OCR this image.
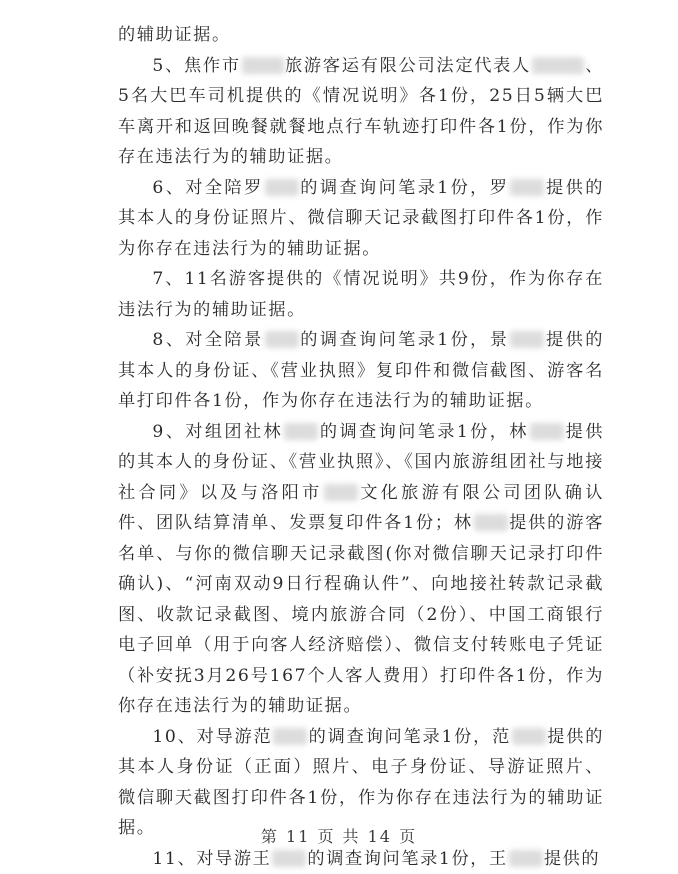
的辅助证据。

5、焦作市	旅游客运有限公司法定代表人	、5名大巴车司机提供的《情况说明》各1份，25日5辆大巴车离开和返回晚餐就餐地点行车轨迹打印件各1份，作为你存在违法行为的辅助证据。

6、对全陪罗 的调查询问笔录1份，罗 提供的其本人的身份证照片、微信聊天记录截图打印件各1份，作为你存在违法行为的辅助证据。

7、11名游客提供的《情况说明》共9份，作为你存在违法行为的辅助证据。

8、对全陪景 的调查询问笔录1份，景 提供的其本人的身份证、《营业执照》复印件和微信截图、游客名单打印件各1份，作为你存在违法行为的辅助证据。

9、对组团社林 的调查询问笔录1份，林 提供的其本人的身份证、《营业执照》、《国内旅游组团社与地接社合同》以及与洛阳市 文化旅游有限公司团队确认件、团队结算清单、发票复印件各1份；林 提供的游客名单、与你的微信聊天记录截图(你对微信聊天记录打印件确认)、“河南双动9日行程确认件”、向地接社转款记录截图、收款记录截图、境内旅游合同（2份）、中国工商银行电子回单（用于向客人经济赔偿）、微信支付转账电子凭证（补安抚3月26号167个人客人费用）打印件各1份，作为你存在违法行为的辅助证据。

10、对导游范 的调查询问笔录1份，范 提供的其本人身份证（正面）照片、电子身份证、导游证照片、微信聊天截图打印件各1份，作为你存在违法行为的辅助证据。

11、对导游王 的调查询问笔录1份，王 提供的

第 11 页 共 14 页
